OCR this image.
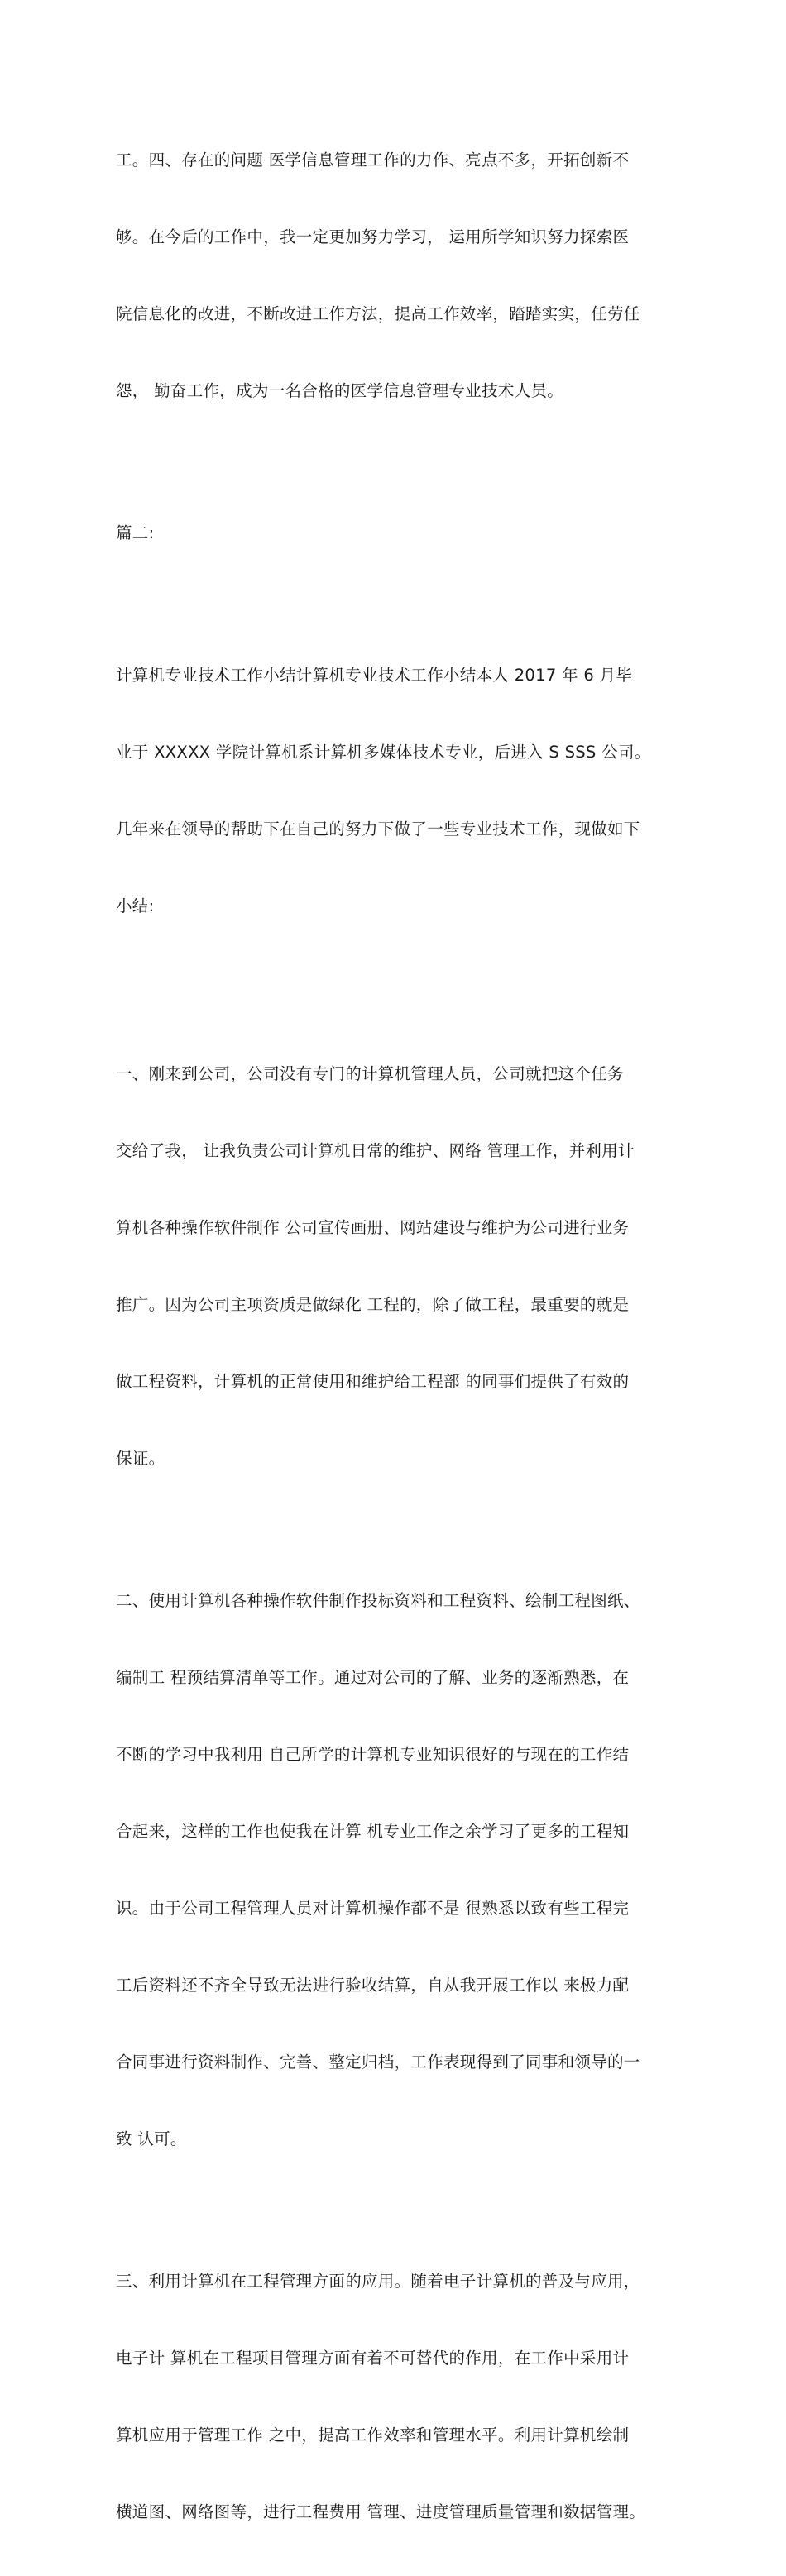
工。四、存在的问题 医学信息管理工作的力作、亮点不多，开拓创新不

够。在今后的工作中，我一定更加努力学习， 运用所学知识努力探索医

院信息化的改进，不断改进工作方法，提高工作效率，踏踏实实，任劳任

怨， 勤奋工作，成为一名合格的医学信息管理专业技术人员。

篇二:

计算机专业技术工作小结计算机专业技术工作小结本人 2017 年 6 月毕

业于 XXXXX 学院计算机系计算机多媒体技术专业，后进入 S SSS 公司。

几年来在领导的帮助下在自己的努力下做了一些专业技术工作，现做如下

小结:

一、刚来到公司，公司没有专门的计算机管理人员，公司就把这个任务

交给了我， 让我负责公司计算机日常的维护、网络 管理工作，并利用计

算机各种操作软件制作 公司宣传画册、网站建设与维护为公司进行业务

推广。因为公司主项资质是做绿化 工程的，除了做工程，最重要的就是

做工程资料，计算机的正常使用和维护给工程部 的同事们提供了有效的

保证。

二、使用计算机各种操作软件制作投标资料和工程资料、绘制工程图纸、

编制工 程预结算清单等工作。通过对公司的了解、业务的逐渐熟悉，在

不断的学习中我利用 自己所学的计算机专业知识很好的与现在的工作结

合起来，这样的工作也使我在计算 机专业工作之余学习了更多的工程知

识。由于公司工程管理人员对计算机操作都不是 很熟悉以致有些工程完

工后资料还不齐全导致无法进行验收结算，自从我开展工作以 来极力配

合同事进行资料制作、完善、整定归档，工作表现得到了同事和领导的一

致 认可。

三、利用计算机在工程管理方面的应用。随着电子计算机的普及与应用，

电子计 算机在工程项目管理方面有着不可替代的作用，在工作中采用计

算机应用于管理工作 之中，提高工作效率和管理水平。利用计算机绘制

横道图、网络图等，进行工程费用 管理、进度管理质量管理和数据管理。
